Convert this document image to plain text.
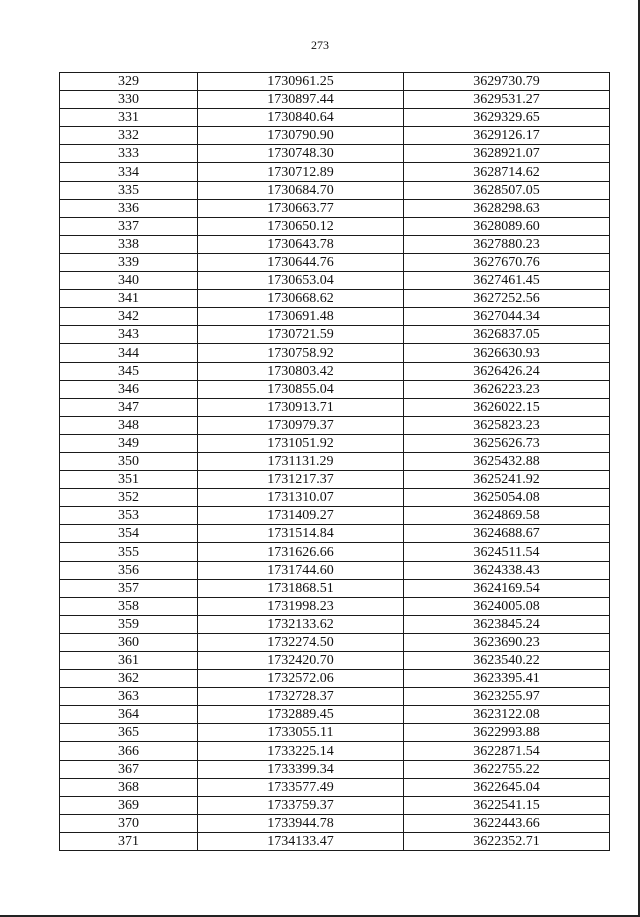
273
329	1730961.25	3629730.79
330	1730897.44	3629531.27
331	1730840.64	3629329.65
332	1730790.90	3629126.17
333	1730748.30	3628921.07
334	1730712.89	3628714.62
335	1730684.70	3628507.05
336	1730663.77	3628298.63
337	1730650.12	3628089.60
338	1730643.78	3627880.23
339	1730644.76	3627670.76
340	1730653.04	3627461.45
341	1730668.62	3627252.56
342	1730691.48	3627044.34
343	1730721.59	3626837.05
344	1730758.92	3626630.93
345	1730803.42	3626426.24
346	1730855.04	3626223.23
347	1730913.71	3626022.15
348	1730979.37	3625823.23
349	1731051.92	3625626.73
350	1731131.29	3625432.88
351	1731217.37	3625241.92
352	1731310.07	3625054.08
353	1731409.27	3624869.58
354	1731514.84	3624688.67
355	1731626.66	3624511.54
356	1731744.60	3624338.43
357	1731868.51	3624169.54
358	1731998.23	3624005.08
359	1732133.62	3623845.24
360	1732274.50	3623690.23
361	1732420.70	3623540.22
362	1732572.06	3623395.41
363	1732728.37	3623255.97
364	1732889.45	3623122.08
365	1733055.11	3622993.88
366	1733225.14	3622871.54
367	1733399.34	3622755.22
368	1733577.49	3622645.04
369	1733759.37	3622541.15
370	1733944.78	3622443.66
371	1734133.47	3622352.71
